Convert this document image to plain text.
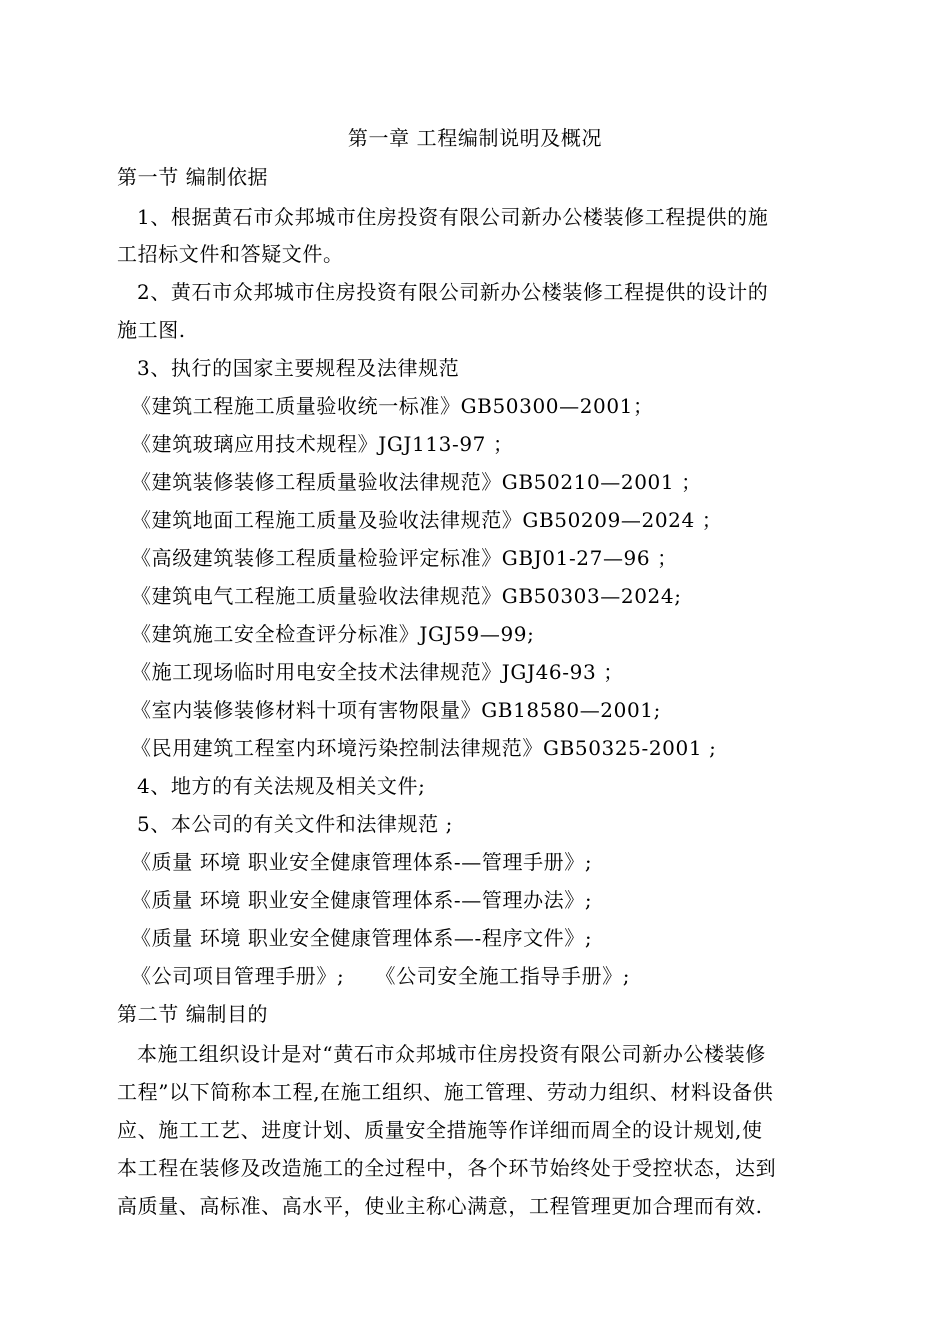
第一章 工程编制说明及概况
第一节 编制依据
1、根据黄石市众邦城市住房投资有限公司新办公楼装修工程提供的施
工招标文件和答疑文件。
2、黄石市众邦城市住房投资有限公司新办公楼装修工程提供的设计的
施工图.
3、执行的国家主要规程及法律规范
《建筑工程施工质量验收统一标准》GB50300—2001；
《建筑玻璃应用技术规程》JGJ113-97 ；
《建筑装修装修工程质量验收法律规范》GB50210—2001 ；
《建筑地面工程施工质量及验收法律规范》GB50209—2024 ；
《高级建筑装修工程质量检验评定标准》GBJ01-27—96 ；
《建筑电气工程施工质量验收法律规范》GB50303—2024;
《建筑施工安全检查评分标准》JGJ59—99;
《施工现场临时用电安全技术法律规范》JGJ46-93 ；
《室内装修装修材料十项有害物限量》GB18580—2001;
《民用建筑工程室内环境污染控制法律规范》GB50325-2001 ;
4、地方的有关法规及相关文件;
5、本公司的有关文件和法律规范 ;
《质量 环境 职业安全健康管理体系-—管理手册》;
《质量 环境 职业安全健康管理体系-—管理办法》;
《质量 环境 职业安全健康管理体系—-程序文件》;
《公司项目管理手册》;　　《公司安全施工指导手册》;
第二节 编制目的
本施工组织设计是对“黄石市众邦城市住房投资有限公司新办公楼装修
工程”以下简称本工程,在施工组织、施工管理、劳动力组织、材料设备供
应、施工工艺、进度计划、质量安全措施等作详细而周全的设计规划,使
本工程在装修及改造施工的全过程中，各个环节始终处于受控状态，达到
高质量、高标准、高水平，使业主称心满意，工程管理更加合理而有效.
